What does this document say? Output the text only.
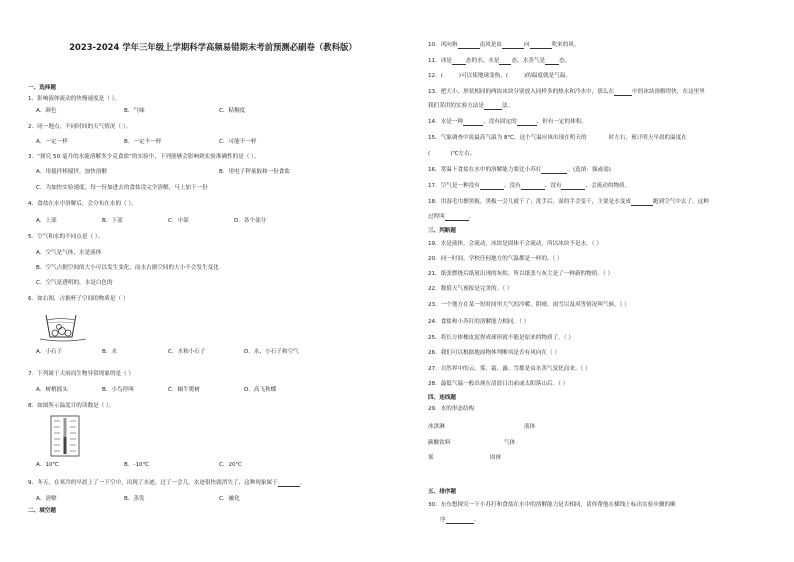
2023-2024 学年三年级上学期科学高频易错期末考前预测必刷卷（教科版）
一、选择题
1．影响液体流动的快慢速度是（ ）。
A．颜色	B．气味	C．粘稠度
2．同一地点，不同时间的天气情况（ ）。
A．一定一样	B．一定不一样	C．可能不一样
3．“探究 50 毫升的水能溶解多少克食盐”的实验中，下列能够会影响到实验准确性的是（ ）。
A．用搅拌棒搅拌，加快溶解	B．用电子秤量取和一份食盐
C．为加快实验速度，每一份加进去的食盐没完全溶解，马上加下一份
4．食盐在水中溶解后，会分布在水的（ ）。
A．上部	B．下部	C．中部	D．各个部分
5．空气和水的不同点是（ ）。
A．空气是气体，水是液体
B．空气占据空间的大小可以发生变化，而水占据空间的大小不会发生变化
C．空气是透明的，水是白色的
6．如右图，占据杯子空间的物质是（ ）
A．小石子	B．水	C．水和小石子	D．水、小石子和空气
7．下列属于大雨而生物异常现象的是（ ）
A．树梢摇头	B．小鸟停叫	C．蜗牛爬树	D．高飞秋蝶
8．如图所示温度计的读数是（ ）。
A．10℃	B．-10℃	C．20℃
9．冬天，在寒冷的早晨上了一下空中，出现了水迹，过了一会儿，水迹很快就消失了，这种现象属于	。
A．溶解	B．蒸发	C．融化
二、填空题
10．风向指	南风是由	向	吹来的风。
11．冰是	态的水，水是 态，水蒸气是	态。
12．(	)可以使地球变热，(	)的温度就是气温。
13．把大小、形状相同的两块冰块分别放入同样多的热水和冷水中，那么在	中的冰块溶解得快，在这里里
我们采用的实验方法是	法。
14．水是一种	，没有固定的	，但有一定的体积。
15．气象调查中说最高气温为 8℃，这个气温应该出现在明天的	时左右，预计明天早晨的温度在
(	)℃左右。
16．常温下食盐在水中的溶解能力要比小苏打	。(选填：强或弱)
17．空气是一种没有	、没有	、没有	、会流动的物质。
18．用湿毛巾擦黑板，黑板一会儿就干了；洗手后，湿的手会变干，主要是水变成	跑到空气中去了，这种
过程叫	。
三、判断题
19．水是液体，会流动，冰块是固体不会流动，所以冰块不是水。（ ）
20．同一时间，学校任何地方的气温都是一样的。（ ）
21．纸张燃烧后纸屑出现的灰烬，所以纸张与灰尘是了一种新的物质。（ ）
22．数值天气预报是完美的。（ ）
23．一个地方在某一短时间里大气的冷暖、阴晴、雨雪以及风等情况叫气候。（ ）
24．食盐和小苏打的溶解能力相同。（ ）
25．将长方体橡皮泥捏成球形就不能是原来的物质了。（ ）
26．我们可以根据地面物体判断风是否有风向在（ ）
27．自然界中的云、雾、霜、露、雪都是由水蒸气变化而来。（ ）
28．最低气温一般出现在清晨日出前或太阳落山后。（ ）
四、连线题
29．水的形态结构
冰淇淋	液体
碳酸饮料	气体
雾	固体
五、排序题
30．东东想探究一下小苏打和食盐在水中的溶解能力是否相同，请你帮他在横线上标出实验步骤的顺
序	。
